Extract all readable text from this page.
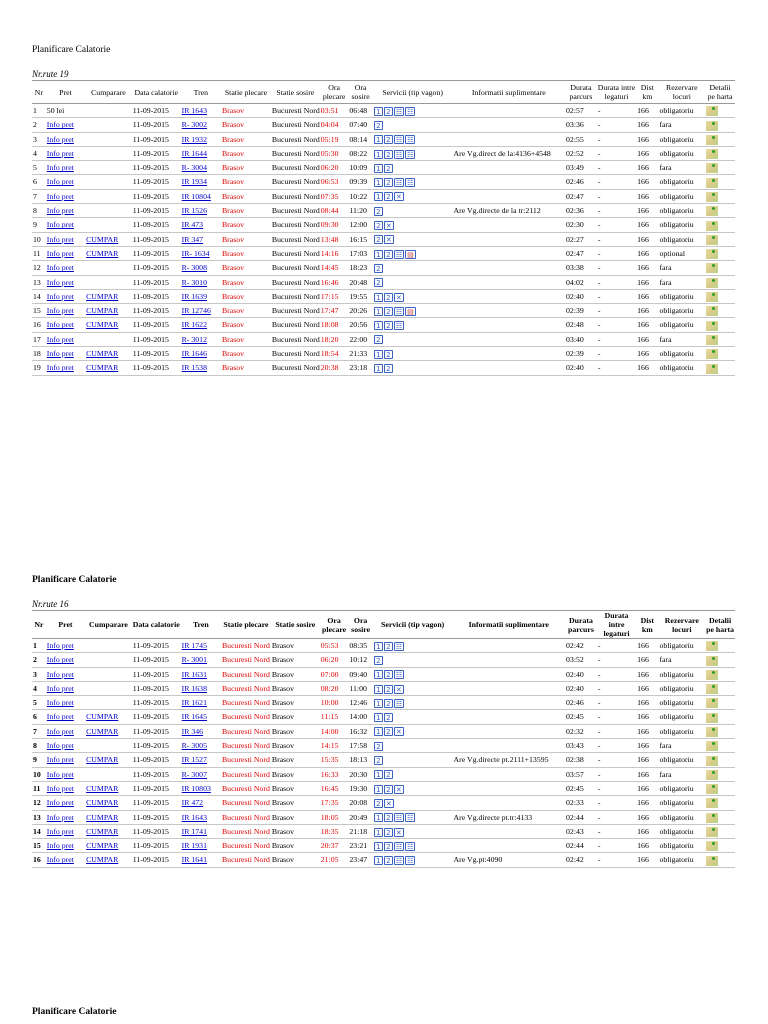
Planificare Calatorie

Nr.rute 19
Nr	Pret	Cumparare	Data calatorie	Tren	Statie plecare	Statie sosire	Ora plecare	Ora sosire	Servicii (tip vagon)	Informatii suplimentare	Durata parcurs	Durata intre legaturi	Dist km	Rezervare locuri	Detalii pe harta
1	50 lei		11-09-2015	IR 1643	Brasov	Bucuresti Nord	03:51	06:48	1 2 ☷ ☷		02:57	-	166	obligatoriu	
2	Info pret		11-09-2015	R- 3002	Brasov	Bucuresti Nord	04:04	07:40	2		03:36	-	166	fara	
3	Info pret		11-09-2015	IR 1932	Brasov	Bucuresti Nord	05:19	08:14	1 2 ☷ ☷		02:55	-	166	obligatoriu	
4	Info pret		11-09-2015	IR 1644	Brasov	Bucuresti Nord	05:30	08:22	1 2 ☷ ☷	Are Vg.direct de la:4136+4548	02:52	-	166	obligatoriu	
5	Info pret		11-09-2015	R- 3004	Brasov	Bucuresti Nord	06:20	10:09	1 2		03:49	-	166	fara	
6	Info pret		11-09-2015	IR 1934	Brasov	Bucuresti Nord	06:53	09:39	1 2 ☷ ☷		02:46	-	166	obligatoriu	
7	Info pret		11-09-2015	IR 10804	Brasov	Bucuresti Nord	07:35	10:22	1 2 ✕		02:47	-	166	obligatoriu	
8	Info pret		11-09-2015	IR 1526	Brasov	Bucuresti Nord	08:44	11:20	2	Are Vg.directe de la tr:2112	02:36	-	166	obligatoriu	
9	Info pret		11-09-2015	IR 473	Brasov	Bucuresti Nord	09:30	12:00	2 ✕		02:30	-	166	obligatoriu	
10	Info pret	CUMPAR	11-09-2015	IR 347	Brasov	Bucuresti Nord	13:48	16:15	2 ✕		02:27	-	166	obligatoriu	
11	Info pret	CUMPAR	11-09-2015	IR- 1634	Brasov	Bucuresti Nord	14:16	17:03	1 2 ☷ ▤		02:47	-	166	optional	
12	Info pret		11-09-2015	R- 3008	Brasov	Bucuresti Nord	14:45	18:23	2		03:38	-	166	fara	
13	Info pret		11-09-2015	R- 3010	Brasov	Bucuresti Nord	16:46	20:48	2		04:02	-	166	fara	
14	Info pret	CUMPAR	11-09-2015	IR 1639	Brasov	Bucuresti Nord	17:15	19:55	1 2 ✕		02:40	-	166	obligatoriu	
15	Info pret	CUMPAR	11-09-2015	IR 12746	Brasov	Bucuresti Nord	17:47	20:26	1 2 ☷ ▤		02:39	-	166	obligatoriu	
16	Info pret	CUMPAR	11-09-2015	IR 1622	Brasov	Bucuresti Nord	18:08	20:56	1 2 ☷		02:48	-	166	obligatoriu	
17	Info pret		11-09-2015	R- 3012	Brasov	Bucuresti Nord	18:20	22:00	2		03:40	-	166	fara	
18	Info pret	CUMPAR	11-09-2015	IR 1646	Brasov	Bucuresti Nord	18:54	21:33	1 2		02:39	-	166	obligatoriu	
19	Info pret	CUMPAR	11-09-2015	IR 1538	Brasov	Bucuresti Nord	20:38	23:18	1 2		02:40	-	166	obligatoriu	

Planificare Calatorie

Nr.rute 16
Nr	Pret	Cumparare	Data calatorie	Tren	Statie plecare	Statie sosire	Ora plecare	Ora sosire	Servicii (tip vagon)	Informatii suplimentare	Durata parcurs	Durata intre legaturi	Dist km	Rezervare locuri	Detalii pe harta
1	Info pret		11-09-2015	IR 1745	Bucuresti Nord	Brasov	05:53	08:35	1 2 ☷		02:42	-	166	obligatoriu	
2	Info pret		11-09-2015	R- 3001	Bucuresti Nord	Brasov	06:20	10:12	2		03:52	-	166	fara	
3	Info pret		11-09-2015	IR 1631	Bucuresti Nord	Brasov	07:00	09:40	1 2 ☷		02:40	-	166	obligatoriu	
4	Info pret		11-09-2015	IR 1638	Bucuresti Nord	Brasov	08:20	11:00	1 2 ✕		02:40	-	166	obligatoriu	
5	Info pret		11-09-2015	IR 1621	Bucuresti Nord	Brasov	10:00	12:46	1 2 ☷		02:46	-	166	obligatoriu	
6	Info pret	CUMPAR	11-09-2015	IR 1645	Bucuresti Nord	Brasov	11:15	14:00	1 2		02:45	-	166	obligatoriu	
7	Info pret	CUMPAR	11-09-2015	IR 346	Bucuresti Nord	Brasov	14:00	16:32	1 2 ✕		02:32	-	166	obligatoriu	
8	Info pret		11-09-2015	R- 3005	Bucuresti Nord	Brasov	14:15	17:58	2		03:43	-	166	fara	
9	Info pret	CUMPAR	11-09-2015	IR 1527	Bucuresti Nord	Brasov	15:35	18:13	2	Are Vg.directe pt.2111+13595	02:38	-	166	obligatoriu	
10	Info pret		11-09-2015	R- 3007	Bucuresti Nord	Brasov	16:33	20:30	1 2		03:57	-	166	fara	
11	Info pret	CUMPAR	11-09-2015	IR 10803	Bucuresti Nord	Brasov	16:45	19:30	1 2 ✕		02:45	-	166	obligatoriu	
12	Info pret	CUMPAR	11-09-2015	IR 472	Bucuresti Nord	Brasov	17:35	20:08	2 ✕		02:33	-	166	obligatoriu	
13	Info pret	CUMPAR	11-09-2015	IR 1643	Bucuresti Nord	Brasov	18:05	20:49	1 2 ☷ ☷	Are Vg.directe pt.tr:4133	02:44	-	166	obligatoriu	
14	Info pret	CUMPAR	11-09-2015	IR 1741	Bucuresti Nord	Brasov	18:35	21:18	1 2 ✕		02:43	-	166	obligatoriu	
15	Info pret	CUMPAR	11-09-2015	IR 1931	Bucuresti Nord	Brasov	20:37	23:21	1 2 ☷ ☷		02:44	-	166	obligatoriu	
16	Info pret	CUMPAR	11-09-2015	IR 1641	Bucuresti Nord	Brasov	21:05	23:47	1 2 ☷ ☷	Are Vg.pt:4090	02:42	-	166	obligatoriu	

Planificare Calatorie
